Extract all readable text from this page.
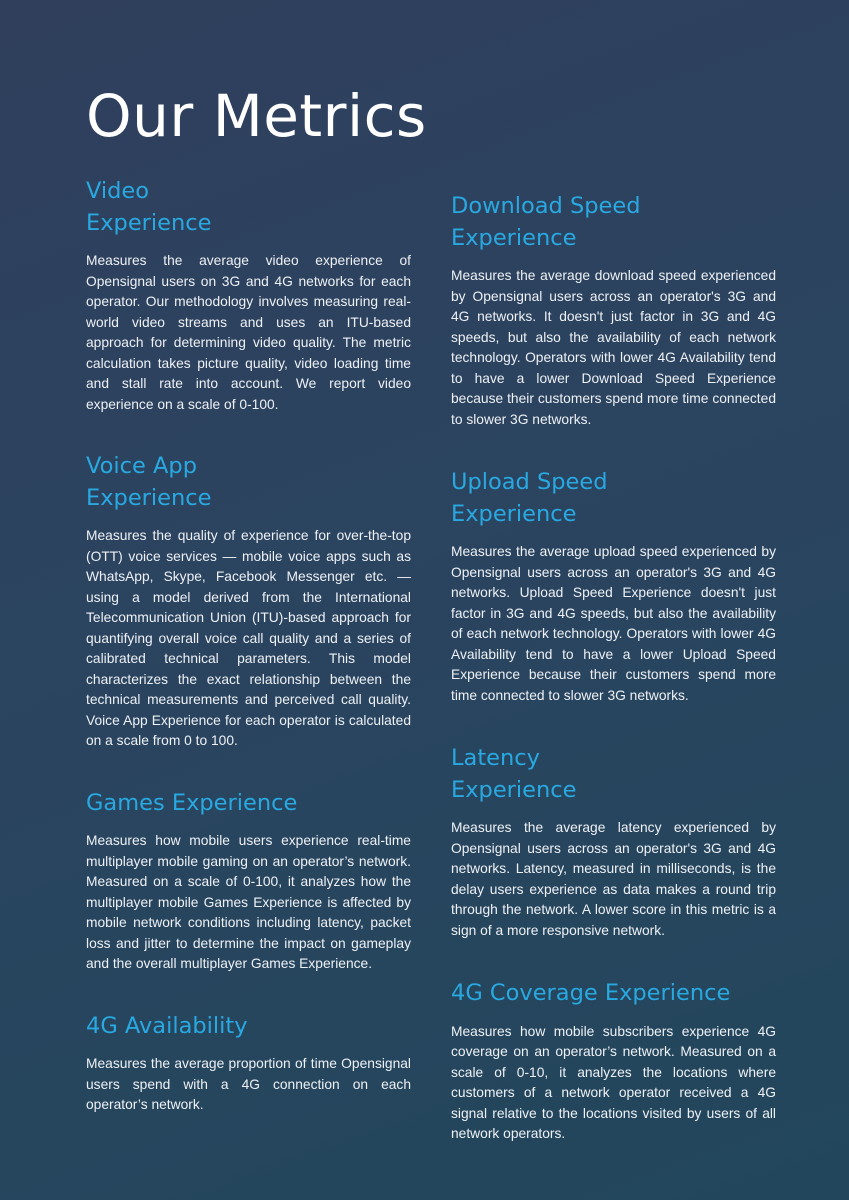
Our Metrics
Video
Experience

Measures the average video experience of Opensignal users on 3G and 4G networks for each operator. Our methodology involves measuring real-world video streams and uses an ITU-based approach for determining video quality. The metric calculation takes picture quality, video loading time and stall rate into account. We report video experience on a scale of 0-100.

Voice App
Experience

Measures the quality of experience for over-the-top (OTT) voice services — mobile voice apps such as WhatsApp, Skype, Facebook Messenger etc. — using a model derived from the International Telecommunication Union (ITU)-based approach for quantifying overall voice call quality and a series of calibrated technical parameters. This model characterizes the exact relationship between the technical measurements and perceived call quality. Voice App Experience for each operator is calculated on a scale from 0 to 100.

Games Experience

Measures how mobile users experience real-time multiplayer mobile gaming on an operator’s network. Measured on a scale of 0-100, it analyzes how the multiplayer mobile Games Experience is affected by mobile network conditions including latency, packet loss and jitter to determine the impact on gameplay and the overall multiplayer Games Experience.

4G Availability

Measures the average proportion of time Opensignal users spend with a 4G connection on each operator’s network.

Download Speed
Experience

Measures the average download speed experienced by Opensignal users across an operator's 3G and 4G networks. It doesn't just factor in 3G and 4G speeds, but also the availability of each network technology. Operators with lower 4G Availability tend to have a lower Download Speed Experience because their customers spend more time connected to slower 3G networks.

Upload Speed
Experience

Measures the average upload speed experienced by Opensignal users across an operator's 3G and 4G networks. Upload Speed Experience doesn't just factor in 3G and 4G speeds, but also the availability of each network technology. Operators with lower 4G Availability tend to have a lower Upload Speed Experience because their customers spend more time connected to slower 3G networks.

Latency
Experience

Measures the average latency experienced by Opensignal users across an operator's 3G and 4G networks. Latency, measured in milliseconds, is the delay users experience as data makes a round trip through the network. A lower score in this metric is a sign of a more responsive network.

4G Coverage Experience

Measures how mobile subscribers experience 4G coverage on an operator’s network. Measured on a scale of 0-10, it analyzes the locations where customers of a network operator received a 4G signal relative to the locations visited by users of all network operators.
